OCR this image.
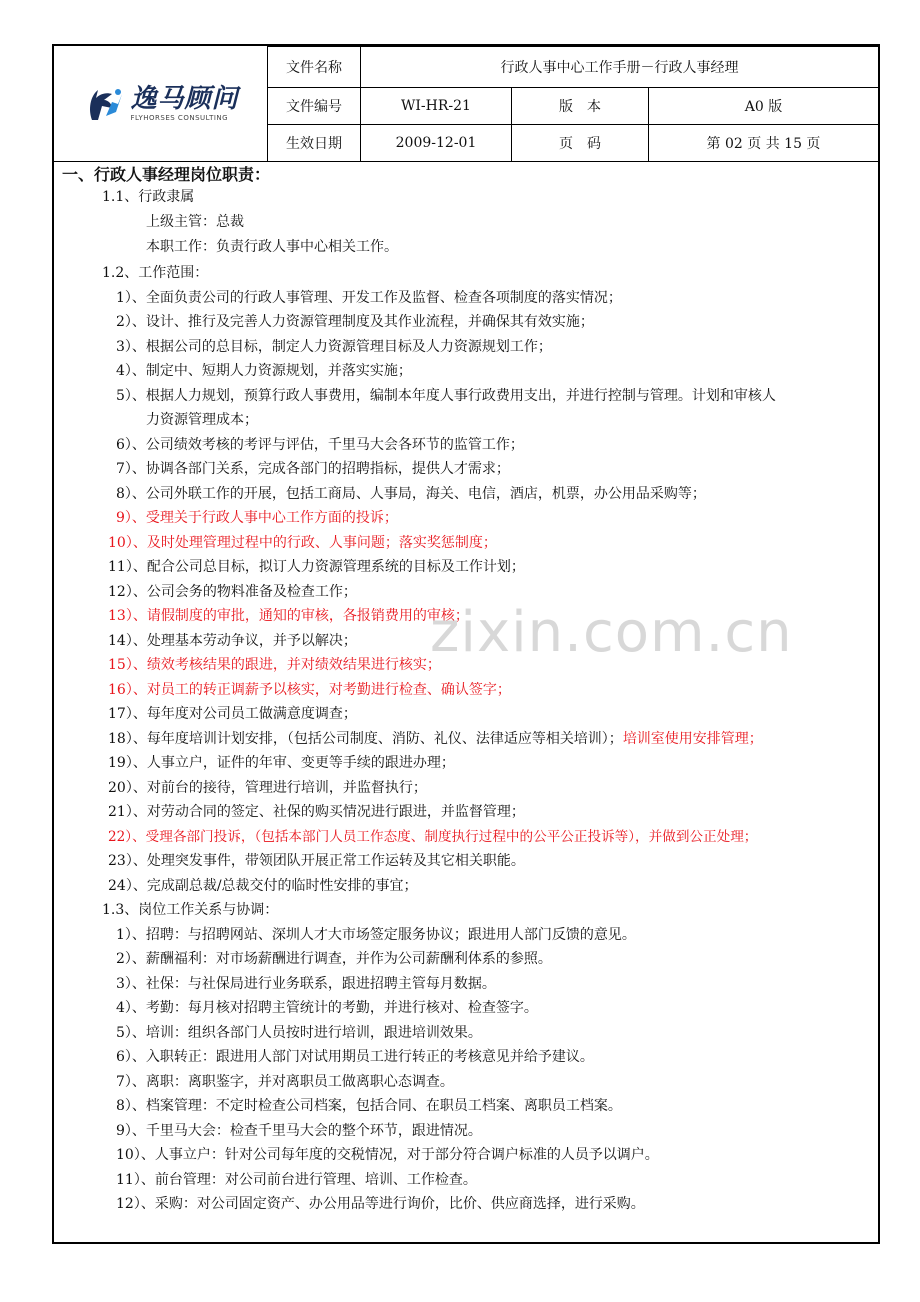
逸马顾问
FLYHORSES CONSULTING	文件名称	行政人事中心工作手册－行政人事经理		
	文件编号	WI-HR-21	版　本	A0 版
	生效日期	2009-12-01	页　码	第 02 页 共 15 页
一、行政人事经理岗位职责：
1.1、行政隶属
上级主管：总裁
本职工作：负责行政人事中心相关工作。
1.2、工作范围：
1）、全面负责公司的行政人事管理、开发工作及监督、检查各项制度的落实情况；
2）、设计、推行及完善人力资源管理制度及其作业流程，并确保其有效实施；
3）、根据公司的总目标，制定人力资源管理目标及人力资源规划工作；
4）、制定中、短期人力资源规划，并落实实施；
5）、根据人力规划，预算行政人事费用，编制本年度人事行政费用支出，并进行控制与管理。计划和审核人
力资源管理成本；
6）、公司绩效考核的考评与评估，千里马大会各环节的监管工作；
7）、协调各部门关系，完成各部门的招聘指标，提供人才需求；
8）、公司外联工作的开展，包括工商局、人事局，海关、电信，酒店，机票，办公用品采购等；
9）、受理关于行政人事中心工作方面的投诉；
10）、及时处理管理过程中的行政、人事问题；落实奖惩制度；
11）、配合公司总目标，拟订人力资源管理系统的目标及工作计划；
12）、公司会务的物料准备及检查工作；
13）、请假制度的审批，通知的审核，各报销费用的审核；
14）、处理基本劳动争议，并予以解决；
15）、绩效考核结果的跟进，并对绩效结果进行核实；
16）、对员工的转正调薪予以核实，对考勤进行检查、确认签字；
17）、每年度对公司员工做满意度调查；
18）、每年度培训计划安排，（包括公司制度、消防、礼仪、法律适应等相关培训）；培训室使用安排管理；
19）、人事立户，证件的年审、变更等手续的跟进办理；
20）、对前台的接待，管理进行培训，并监督执行；
21）、对劳动合同的签定、社保的购买情况进行跟进，并监督管理；
22）、受理各部门投诉，（包括本部门人员工作态度、制度执行过程中的公平公正投诉等），并做到公正处理；
23）、处理突发事件，带领团队开展正常工作运转及其它相关职能。
24）、完成副总裁/总裁交付的临时性安排的事宜；
1.3、岗位工作关系与协调：
1）、招聘：与招聘网站、深圳人才大市场签定服务协议；跟进用人部门反馈的意见。
2）、薪酬福利：对市场薪酬进行调查，并作为公司薪酬利体系的参照。
3）、社保：与社保局进行业务联系，跟进招聘主管每月数据。
4）、考勤：每月核对招聘主管统计的考勤，并进行核对、检查签字。
5）、培训：组织各部门人员按时进行培训，跟进培训效果。
6）、入职转正：跟进用人部门对试用期员工进行转正的考核意见并给予建议。
7）、离职：离职鉴字，并对离职员工做离职心态调查。
8）、档案管理：不定时检查公司档案，包括合同、在职员工档案、离职员工档案。
9）、千里马大会：检查千里马大会的整个环节，跟进情况。
10）、人事立户：针对公司每年度的交税情况，对于部分符合调户标准的人员予以调户。
11）、前台管理：对公司前台进行管理、培训、工作检查。
12）、采购：对公司固定资产、办公用品等进行询价，比价、供应商选择，进行采购。
zixin.com.cn
